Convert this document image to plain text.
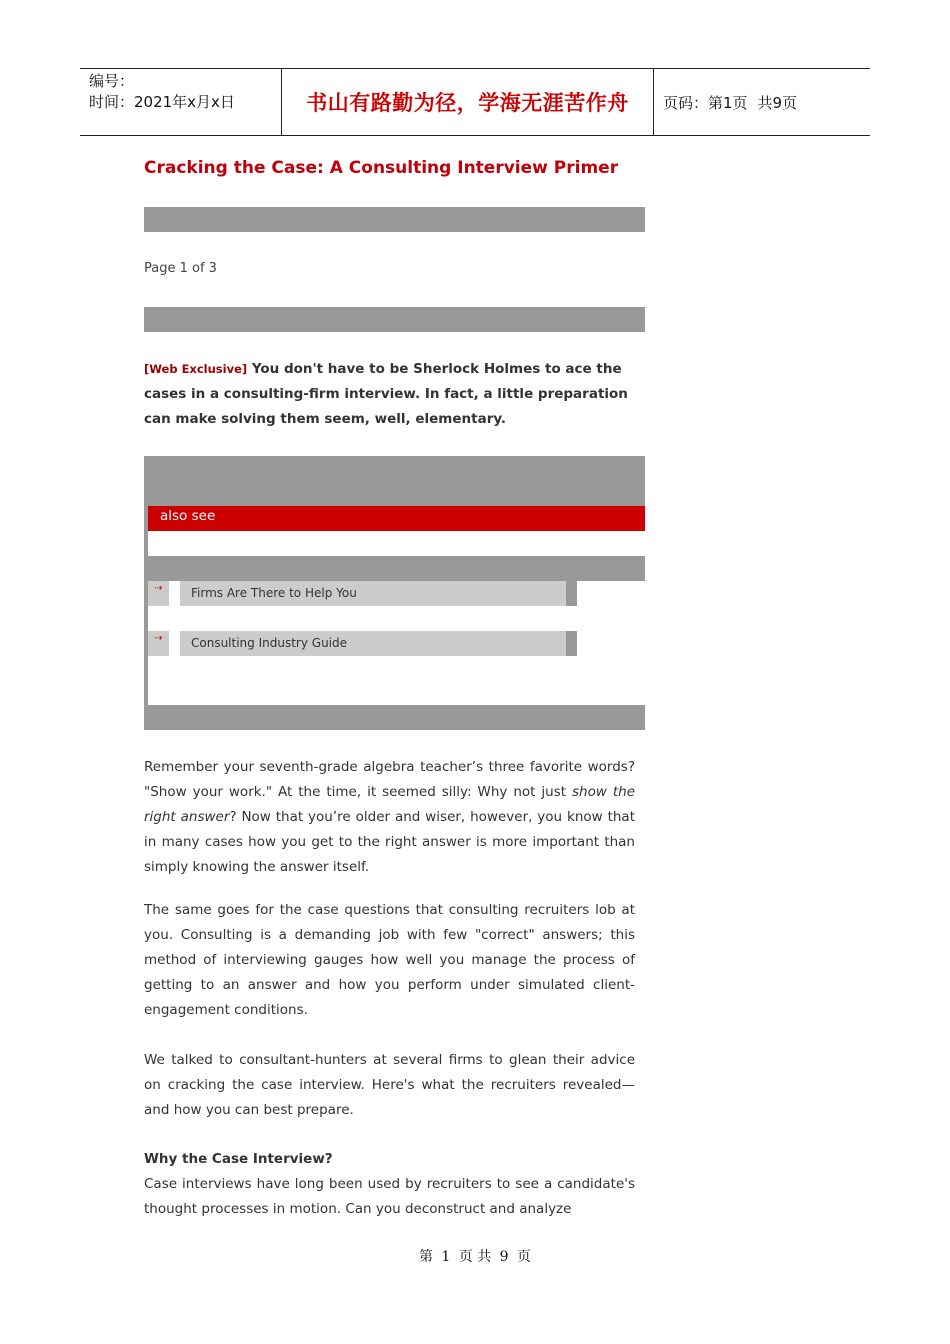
编号：
时间：2021年x月x日	书山有路勤为径，学海无涯苦作舟 页码：第1页 共9页
Cracking the Case: A Consulting Interview Primer
Page 1 of 3
[Web Exclusive] You don't have to be Sherlock Holmes to ace the cases in a consulting-firm interview. In fact, a little preparation can make solving them seem, well, elementary.
also see
⇢	Firms Are There to Help You
⇢	Consulting Industry Guide
Remember your seventh-grade algebra teacher’s three favorite words? "Show your work." At the time, it seemed silly: Why not just show the right answer? Now that you’re older and wiser, however, you know that in many cases how you get to the right answer is more important than simply knowing the answer itself.
The same goes for the case questions that consulting recruiters lob at you. Consulting is a demanding job with few "correct" answers; this method of interviewing gauges how well you manage the process of getting to an answer and how you perform under simulated client-engagement conditions.
We talked to consultant-hunters at several firms to glean their advice on cracking the case interview. Here's what the recruiters revealed—and how you can best prepare.
Why the Case Interview?
Case interviews have long been used by recruiters to see a candidate's thought processes in motion. Can you deconstruct and analyze
第 1 页 共 9 页
